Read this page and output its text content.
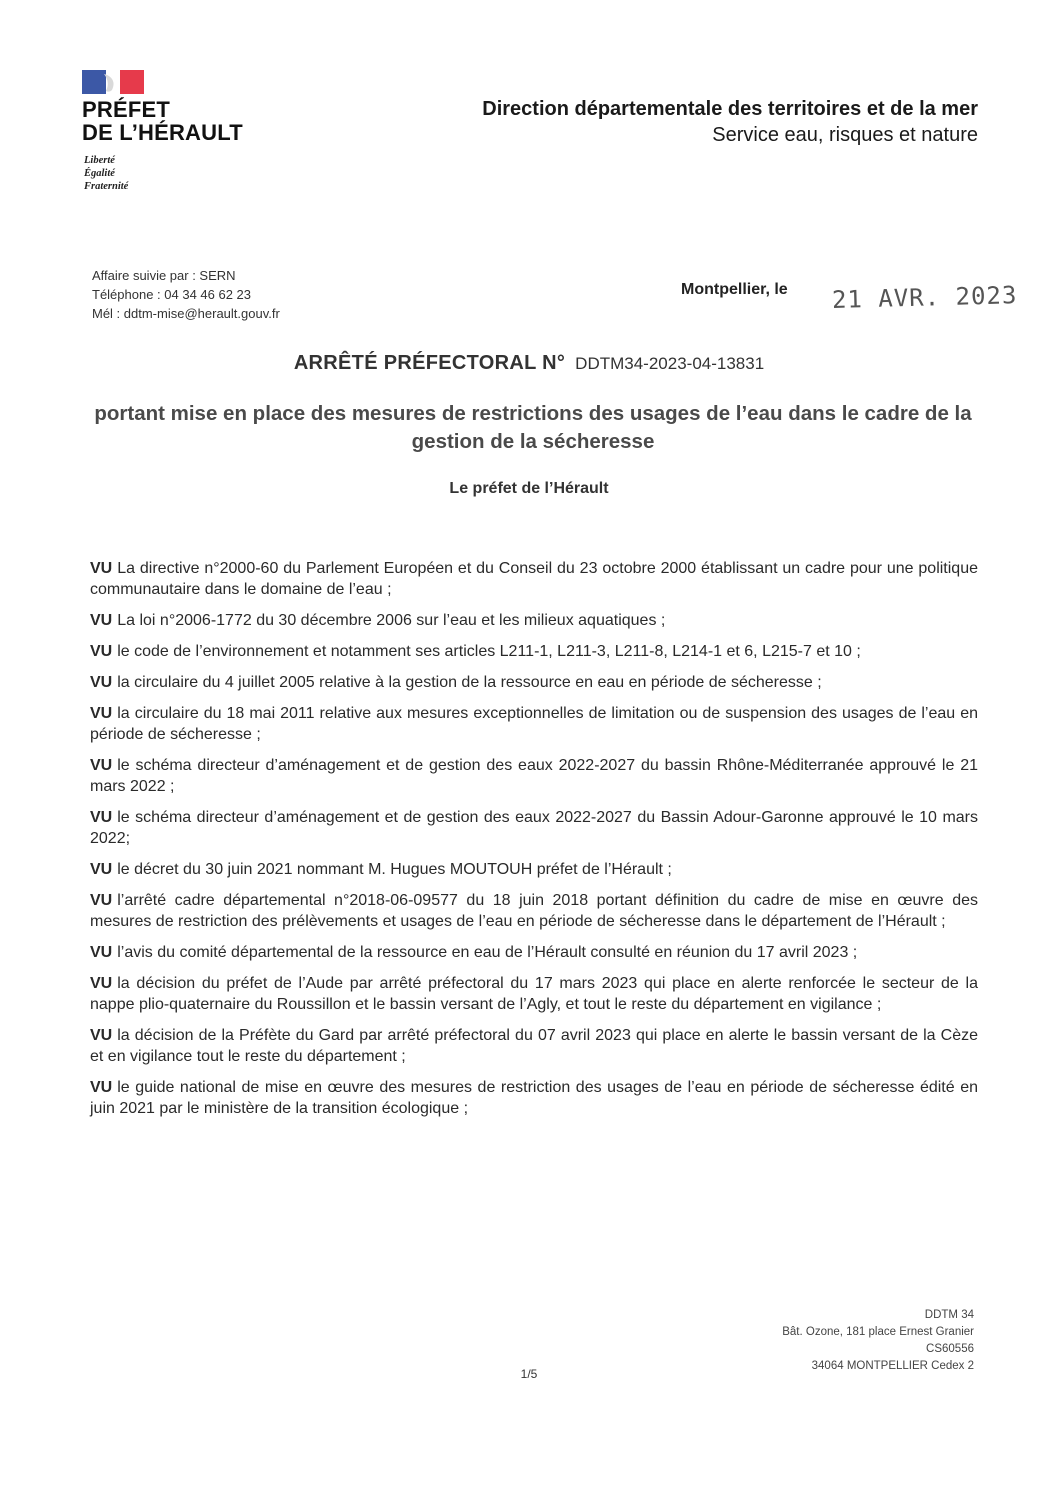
PRÉFET
DE L’HÉRAULT
Liberté
Égalité
Fraternité
Direction départementale des territoires et de la mer
Service eau, risques et nature
Affaire suivie par : SERN
Téléphone : 04 34 46 62 23
Mél : ddtm-mise@herault.gouv.fr
Montpellier, le 21 AVR. 2023
ARRÊTÉ PRÉFECTORAL N° DDTM34-2023-04-13831
portant mise en place des mesures de restrictions des usages de l’eau dans le cadre de la gestion de la sécheresse
Le préfet de l’Hérault

VU La directive n°2000-60 du Parlement Européen et du Conseil du 23 octobre 2000 établissant un cadre pour une politique communautaire dans le domaine de l’eau ;

VU La loi n°2006-1772 du 30 décembre 2006 sur l’eau et les milieux aquatiques ;

VU le code de l’environnement et notamment ses articles L211-1, L211-3, L211-8, L214-1 et 6, L215-7 et 10 ;

VU la circulaire du 4 juillet 2005 relative à la gestion de la ressource en eau en période de sécheresse ;

VU la circulaire du 18 mai 2011 relative aux mesures exceptionnelles de limitation ou de suspension des usages de l’eau en période de sécheresse ;

VU le schéma directeur d’aménagement et de gestion des eaux 2022-2027 du bassin Rhône-Méditerranée approuvé le 21 mars 2022 ;

VU le schéma directeur d’aménagement et de gestion des eaux 2022-2027 du Bassin Adour-Garonne approuvé le 10 mars 2022;

VU le décret du 30 juin 2021 nommant M. Hugues MOUTOUH préfet de l’Hérault ;

VU l’arrêté cadre départemental n°2018-06-09577 du 18 juin 2018 portant définition du cadre de mise en œuvre des mesures de restriction des prélèvements et usages de l’eau en période de sécheresse dans le département de l’Hérault ;

VU l’avis du comité départemental de la ressource en eau de l’Hérault consulté en réunion du 17 avril 2023 ;

VU la décision du préfet de l’Aude par arrêté préfectoral du 17 mars 2023 qui place en alerte renforcée le secteur de la nappe plio-quaternaire du Roussillon et le bassin versant de l’Agly, et tout le reste du département en vigilance ;

VU la décision de la Préfète du Gard par arrêté préfectoral du 07 avril 2023 qui place en alerte le bassin versant de la Cèze et en vigilance tout le reste du département ;

VU le guide national de mise en œuvre des mesures de restriction des usages de l’eau en période de sécheresse édité en juin 2021 par le ministère de la transition écologique ;

DDTM 34
Bât. Ozone, 181 place Ernest Granier
CS60556
34064 MONTPELLIER Cedex 2
1/5
